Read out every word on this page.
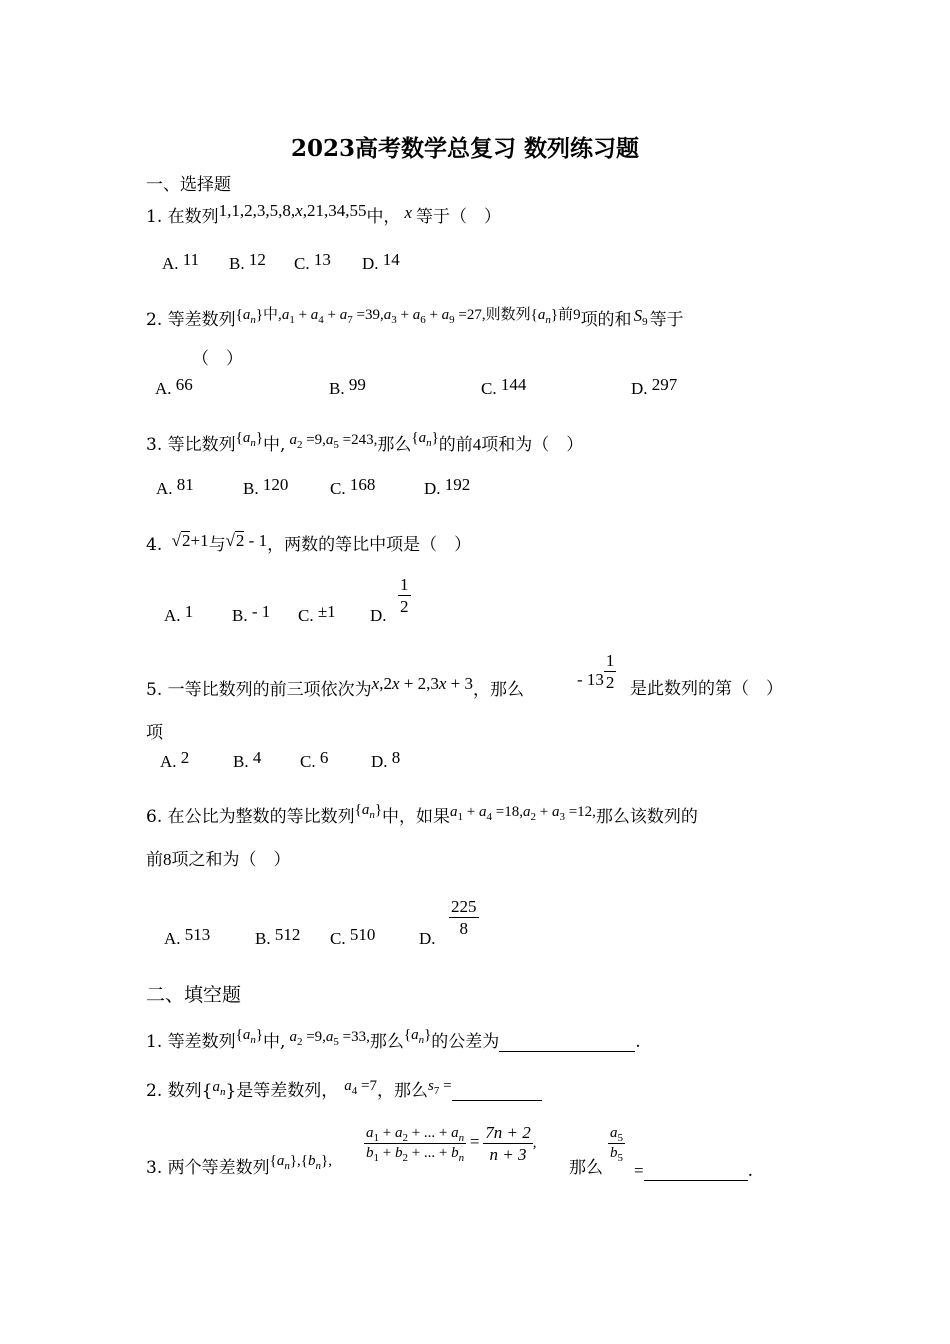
2023高考数学总复习 数列练习题
一、选择题
1. 在数列1,1,2,3,5,8,x,21,34,55中， x 等于（　）
A. 11 B. 12 C. 13 D. 14
2. 等差数列$\{a_n\}$中$,a_1 + a_4 + a_7 =39,a_3 + a_6 + a_9 =27$,则数列$\{a_n\}$前9项的和 $S_9$ 等于
（　）
A. 66	B. 99	C. 144	D. 297
3. 等比数列$\{a_n\}$中, $a_2 =9,a_5 =243$,那么$\{a_n\}$的前4项和为（　）
A. 81	B. 120 C. 168	D. 192
4. √2+1与√2 - 1，两数的等比中项是（　）
A. 1 B. - 1 C. ±1 D.
$\frac{1}{2}$
5. 一等比数列的前三项依次为x,2x + 2,3x + 3，那么
- $13 \frac{1}{2}$ 是此数列的第（　）
项
A. 2	B. 4 C. 6	D. 8
6. 在公比为整数的等比数列$\{a_n\}$中，如果$a_1 + a_4 =18,a_2 + a_3 =12$,那么该数列的
前8项之和为（　）
A. 513	B. 512 C. 510	D.
$\frac{225}{8}$
二、填空题
1. 等差数列$\{a_n\}$中, $a_2 =9,a_5 =33$,那么$\{a_n\}$的公差为	.
2. 数列$\{a_n\}$是等差数列， $a_4 =7$，那么$s_7$ =
3. 两个等差数列$\{a_n\},\{b_n\}$, $\frac{a_1 + a_2 + ... + a_n}{b_1 + b_2 + ... + b_n} = \frac{7n + 2}{n + 3}$ ,
那么
$\frac{a_5}{b_5}$
=	.
